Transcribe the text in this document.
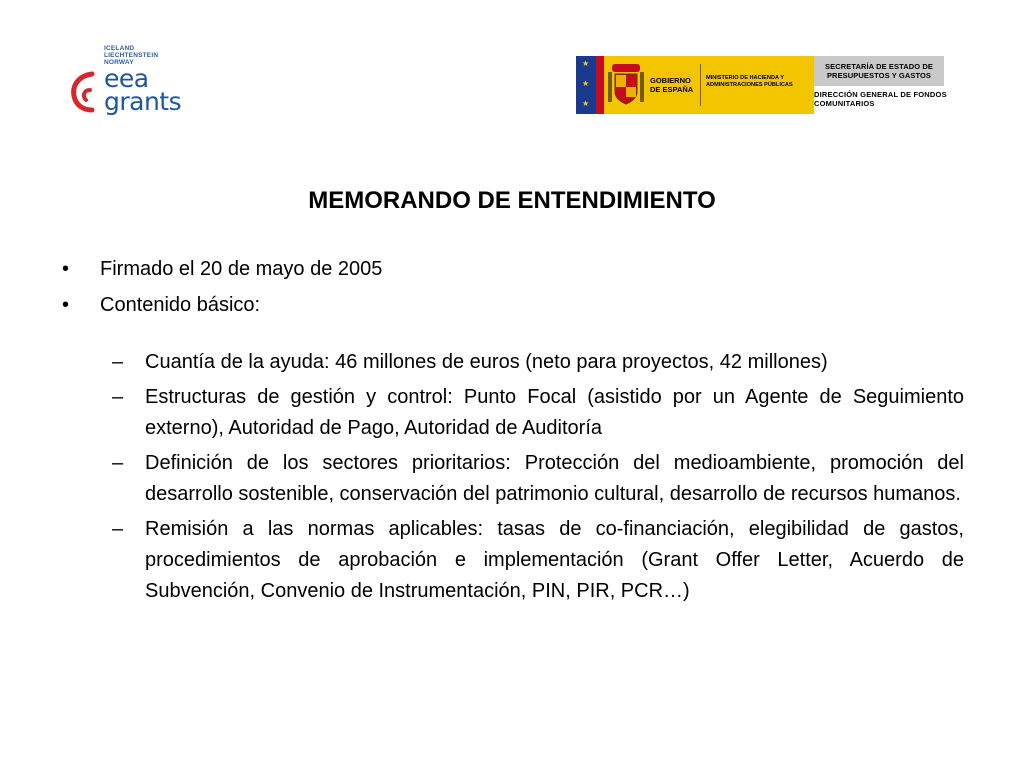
ICELAND
LIECHTENSTEIN
NORWAY
eea
grants
★
★
★
GOBIERNO DE ESPAÑA
MINISTERIO DE HACIENDA Y ADMINISTRACIONES PÚBLICAS
SECRETARÍA DE ESTADO DE PRESUPUESTOS Y GASTOS
DIRECCIÓN GENERAL DE FONDOS COMUNITARIOS
MEMORANDO DE ENTENDIMIENTO
• Firmado el 20 de mayo de 2005
• Contenido básico:
– Cuantía de la ayuda: 46 millones de euros (neto para proyectos, 42 millones)
– Estructuras de gestión y control: Punto Focal (asistido por un Agente de Seguimiento externo), Autoridad de Pago, Autoridad de Auditoría
– Definición de los sectores prioritarios: Protección del medioambiente, promoción del desarrollo sostenible, conservación del patrimonio cultural, desarrollo de recursos humanos.
– Remisión a las normas aplicables: tasas de co-financiación, elegibilidad de gastos, procedimientos de aprobación e implementación (Grant Offer Letter, Acuerdo de Subvención, Convenio de Instrumentación, PIN, PIR, PCR…)
